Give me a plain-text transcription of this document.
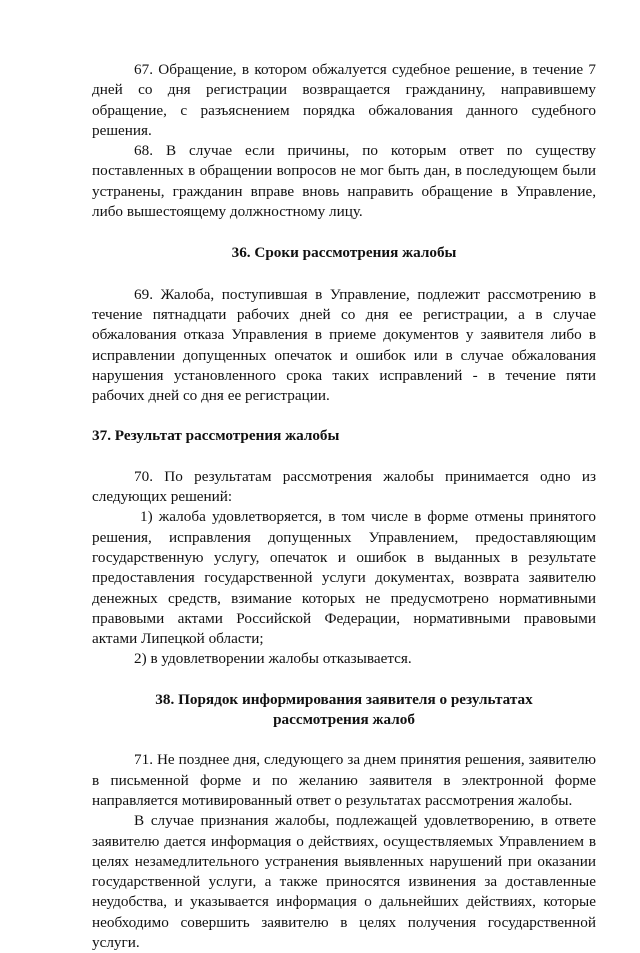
67. Обращение, в котором обжалуется судебное решение, в течение 7 дней со дня регистрации возвращается гражданину, направившему обращение, с разъяснением порядка обжалования данного судебного решения.

68. В случае если причины, по которым ответ по существу поставленных в обращении вопросов не мог быть дан, в последующем были устранены, гражданин вправе вновь направить обращение в Управление, либо вышестоящему должностному лицу.

36. Сроки рассмотрения жалобы

69. Жалоба, поступившая в Управление, подлежит рассмотрению в течение пятнадцати рабочих дней со дня ее регистрации, а в случае обжалования отказа Управления в приеме документов у заявителя либо в исправлении допущенных опечаток и ошибок или в случае обжалования нарушения установленного срока таких исправлений - в течение пяти рабочих дней со дня ее регистрации.

37. Результат рассмотрения жалобы

70. По результатам рассмотрения жалобы принимается одно из следующих решений:

1) жалоба удовлетворяется, в том числе в форме отмены принятого решения, исправления допущенных Управлением, предоставляющим государственную услугу, опечаток и ошибок в выданных в результате предоставления государственной услуги документах, возврата заявителю денежных средств, взимание которых не предусмотрено нормативными правовыми актами Российской Федерации, нормативными правовыми актами Липецкой области;

2) в удовлетворении жалобы отказывается.

38. Порядок информирования заявителя о результатах

рассмотрения жалоб

71. Не позднее дня, следующего за днем принятия решения, заявителю в письменной форме и по желанию заявителя в электронной форме направляется мотивированный ответ о результатах рассмотрения жалобы.

В случае признания жалобы, подлежащей удовлетворению, в ответе заявителю дается информация о действиях, осуществляемых Управлением в целях незамедлительного устранения выявленных нарушений при оказании государственной услуги, а также приносятся извинения за доставленные неудобства, и указывается информация о дальнейших действиях, которые необходимо совершить заявителю в целях получения государственной услуги.
